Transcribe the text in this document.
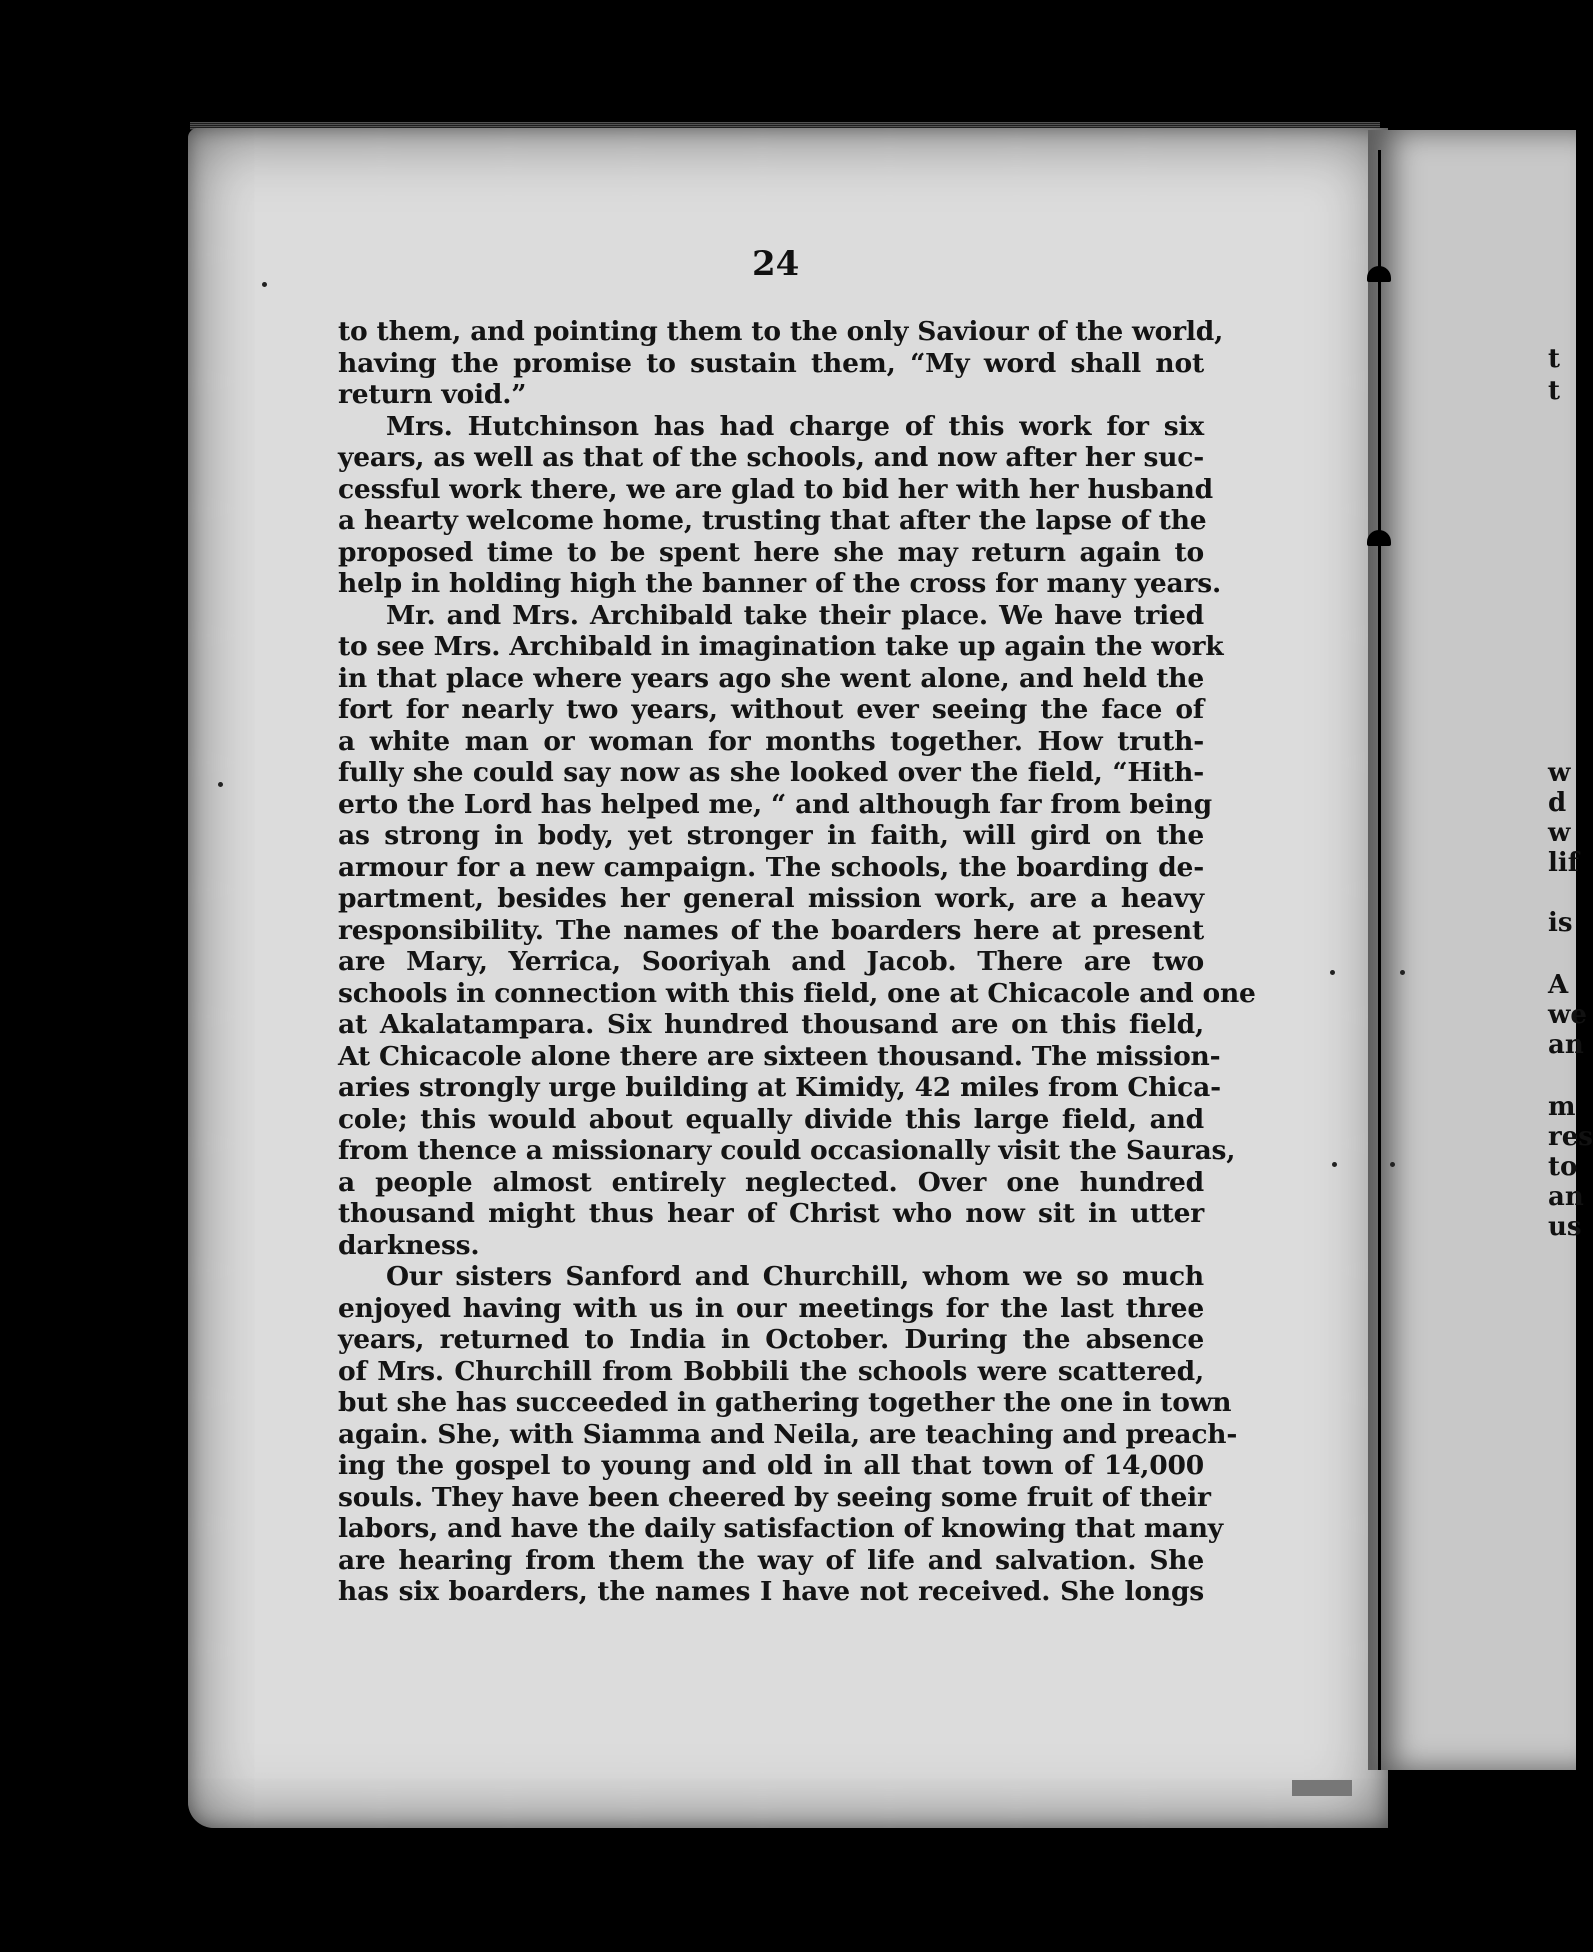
t
t
w
d
w
lif
is
A
we
an
m
res
to
an
us
24
to them, and pointing them to the only Saviour of the world,
having the promise to sustain them, “My word shall not
return void.”
Mrs. Hutchinson has had charge of this work for six
years, as well as that of the schools, and now after her suc-
cessful work there, we are glad to bid her with her husband
a hearty welcome home, trusting that after the lapse of the
proposed time to be spent here she may return again to
help in holding high the banner of the cross for many years.
Mr. and Mrs. Archibald take their place. We have tried
to see Mrs. Archibald in imagination take up again the work
in that place where years ago she went alone, and held the
fort for nearly two years, without ever seeing the face of
a white man or woman for months together. How truth-
fully she could say now as she looked over the field, “Hith-
erto the Lord has helped me, “ and although far from being
as strong in body, yet stronger in faith, will gird on the
armour for a new campaign. The schools, the boarding de-
partment, besides her general mission work, are a heavy
responsibility. The names of the boarders here at present
are Mary, Yerrica, Sooriyah and Jacob. There are two
schools in connection with this field, one at Chicacole and one
at Akalatampara. Six hundred thousand are on this field,
At Chicacole alone there are sixteen thousand. The mission-
aries strongly urge building at Kimidy, 42 miles from Chica-
cole; this would about equally divide this large field, and
from thence a missionary could occasionally visit the Sauras,
a people almost entirely neglected. Over one hundred
thousand might thus hear of Christ who now sit in utter
darkness.
Our sisters Sanford and Churchill, whom we so much
enjoyed having with us in our meetings for the last three
years, returned to India in October. During the absence
of Mrs. Churchill from Bobbili the schools were scattered,
but she has succeeded in gathering together the one in town
again. She, with Siamma and Neila, are teaching and preach-
ing the gospel to young and old in all that town of 14,000
souls. They have been cheered by seeing some fruit of their
labors, and have the daily satisfaction of knowing that many
are hearing from them the way of life and salvation. She
has six boarders, the names I have not received. She longs
